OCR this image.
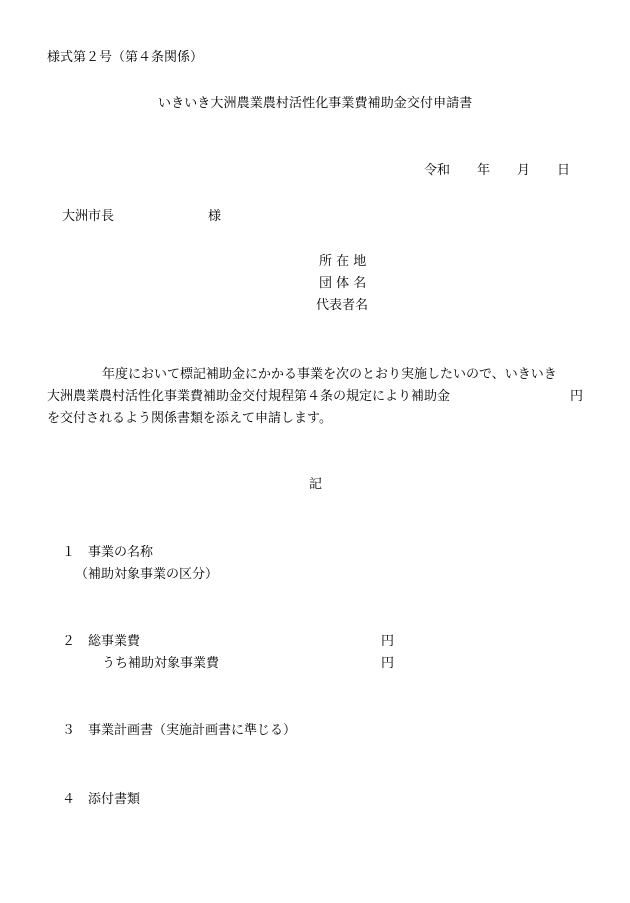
様式第２号（第４条関係）
いきいき大洲農業農村活性化事業費補助金交付申請書
令和 年 月 日
大洲市長	様
所 在 地
団 体 名
代表者名
年度において標記補助金にかかる事業を次のとおり実施したいので、いきいき
大洲農業農村活性化事業費補助金交付規程第４条の規定により補助金	円
を交付されるよう関係書類を添えて申請します。
記
１ 事業の名称
（補助対象事業の区分）
２ 総事業費	円
うち補助対象事業費	円
３ 事業計画書（実施計画書に準じる）
４ 添付書類
